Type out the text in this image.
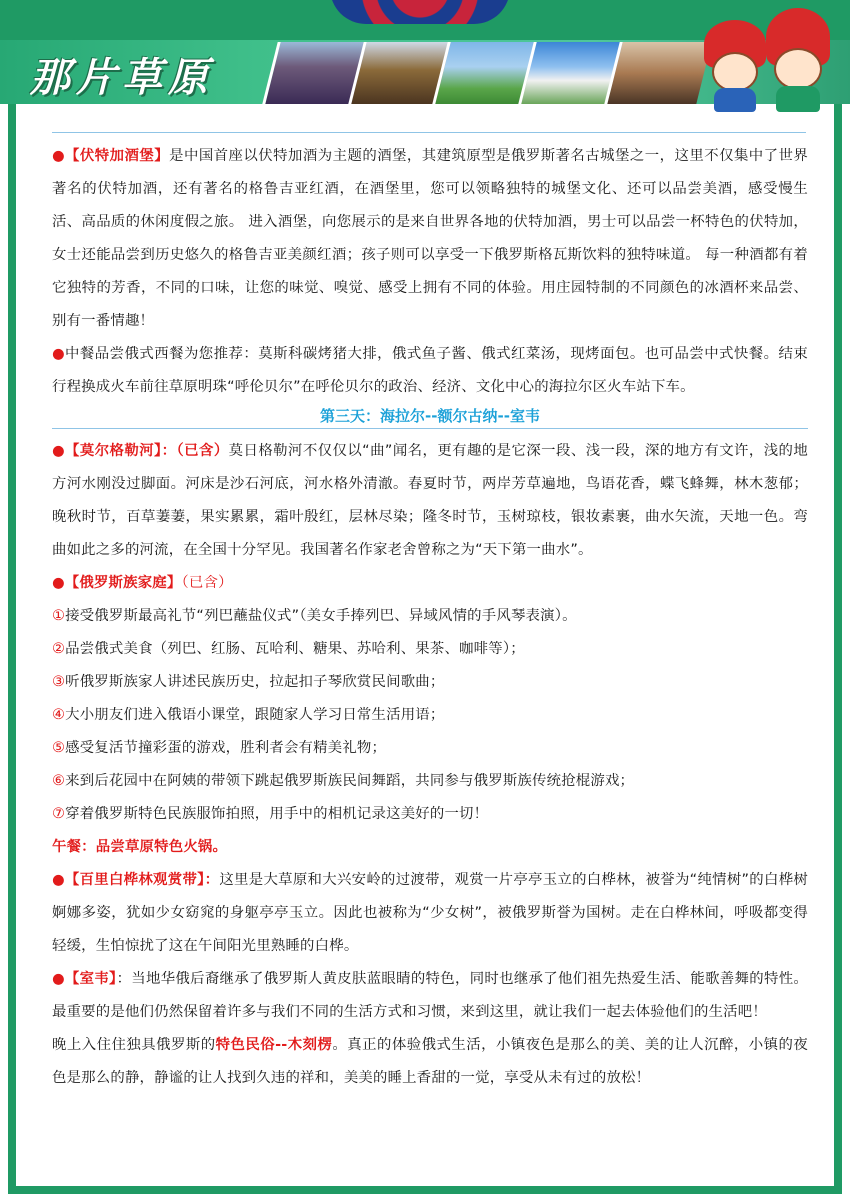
那片草原

●【伏特加酒堡】是中国首座以伏特加酒为主题的酒堡，其建筑原型是俄罗斯著名古城堡之一，这里不仅集中了世界著名的伏特加酒，还有著名的格鲁吉亚红酒，在酒堡里，您可以领略独特的城堡文化、还可以品尝美酒，感受慢生活、高品质的休闲度假之旅。 进入酒堡，向您展示的是来自世界各地的伏特加酒，男士可以品尝一杯特色的伏特加，女士还能品尝到历史悠久的格鲁吉亚美颜红酒；孩子则可以享受一下俄罗斯格瓦斯饮料的独特味道。 每一种酒都有着它独特的芳香，不同的口味，让您的味觉、嗅觉、感受上拥有不同的体验。用庄园特制的不同颜色的冰酒杯来品尝、别有一番情趣！

●中餐品尝俄式西餐为您推荐：莫斯科碳烤猪大排，俄式鱼子酱、俄式红菜汤，现烤面包。也可品尝中式快餐。结束行程换成火车前往草原明珠“呼伦贝尔”在呼伦贝尔的政治、经济、文化中心的海拉尔区火车站下车。

第三天：海拉尔--额尔古纳--室韦

●【莫尔格勒河】：（已含）莫日格勒河不仅仅以“曲”闻名，更有趣的是它深一段、浅一段，深的地方有文许，浅的地方河水刚没过脚面。河床是沙石河底，河水格外清澈。春夏时节，两岸芳草遍地，鸟语花香，蝶飞蜂舞，林木葱郁；晚秋时节，百草萋萋，果实累累，霜叶殷红，层林尽染；隆冬时节，玉树琼枝，银妆素裹，曲水矢流，天地一色。弯曲如此之多的河流，在全国十分罕见。我国著名作家老舍曾称之为“天下第一曲水”。

●【俄罗斯族家庭】（已含）

①接受俄罗斯最高礼节“列巴蘸盐仪式”（美女手捧列巴、异域风情的手风琴表演）。

②品尝俄式美食（列巴、红肠、瓦哈利、糖果、苏哈利、果茶、咖啡等）；

③听俄罗斯族家人讲述民族历史，拉起扣子琴欣赏民间歌曲；

④大小朋友们进入俄语小课堂，跟随家人学习日常生活用语；

⑤感受复活节撞彩蛋的游戏，胜利者会有精美礼物；

⑥来到后花园中在阿姨的带领下跳起俄罗斯族民间舞蹈，共同参与俄罗斯族传统抢棍游戏；

⑦穿着俄罗斯特色民族服饰拍照，用手中的相机记录这美好的一切！

午餐：品尝草原特色火锅。

●【百里白桦林观赏带】：这里是大草原和大兴安岭的过渡带，观赏一片亭亭玉立的白桦林，被誉为“纯情树”的白桦树婀娜多姿，犹如少女窈窕的身躯亭亭玉立。因此也被称为“少女树”，被俄罗斯誉为国树。走在白桦林间，呼吸都变得轻缓，生怕惊扰了这在午间阳光里熟睡的白桦。

●【室韦】：当地华俄后裔继承了俄罗斯人黄皮肤蓝眼睛的特色，同时也继承了他们祖先热爱生活、能歌善舞的特性。最重要的是他们仍然保留着许多与我们不同的生活方式和习惯，来到这里，就让我们一起去体验他们的生活吧！

晚上入住住独具俄罗斯的特色民俗--木刻楞。真正的体验俄式生活，小镇夜色是那么的美、美的让人沉醉，小镇的夜色是那么的静，静谧的让人找到久违的祥和，美美的睡上香甜的一觉，享受从未有过的放松！
